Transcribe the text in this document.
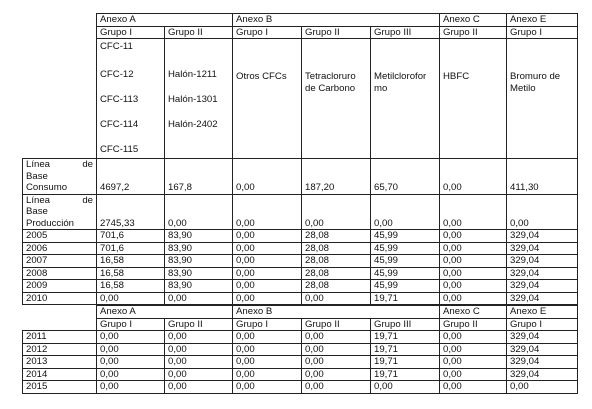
	Anexo A		Anexo B			Anexo C	Anexo E
	Grupo I	Grupo II	Grupo I	Grupo II	Grupo III	Grupo II	Grupo I

	CFC-11
CFC-12
CFC-113
CFC-114
CFC-115	Halón-1211
Halón-1301
Halón-2402	Otros CFCs	Tetracloruro de Carbono	Metilclorofor mo	HBFC	Bromuro de Metilo

Línea de
Base
Consumo	4697,2	167,8	0,00	187,20	65,70	0,00	411,30

Línea de
Base
Producción	2745,33	0,00	0,00	0,00	0,00	0,00	0,00
2005	701,6	83,90	0,00	28,08	45,99	0,00	329,04
2006	701,6	83,90	0,00	28,08	45,99	0,00	329,04
2007	16,58	83,90	0,00	28,08	45,99	0,00	329,04
2008	16,58	83,90	0,00	28,08	45,99	0,00	329,04
2009	16,58	83,90	0,00	28,08	45,99	0,00	329,04
2010	0,00	0,00	0,00	0,00	19,71	0,00	329,04
	Anexo A		Anexo B			Anexo C	Anexo E
	Grupo I	Grupo II	Grupo I	Grupo II	Grupo III	Grupo II	Grupo I
2011	0,00	0,00	0,00	0,00	19,71	0,00	329,04
2012	0,00	0,00	0,00	0,00	19,71	0,00	329,04
2013	0,00	0,00	0,00	0,00	19,71	0,00	329,04
2014	0,00	0,00	0,00	0,00	19,71	0,00	329,04
2015	0,00	0,00	0,00	0,00	0,00	0,00	0,00
